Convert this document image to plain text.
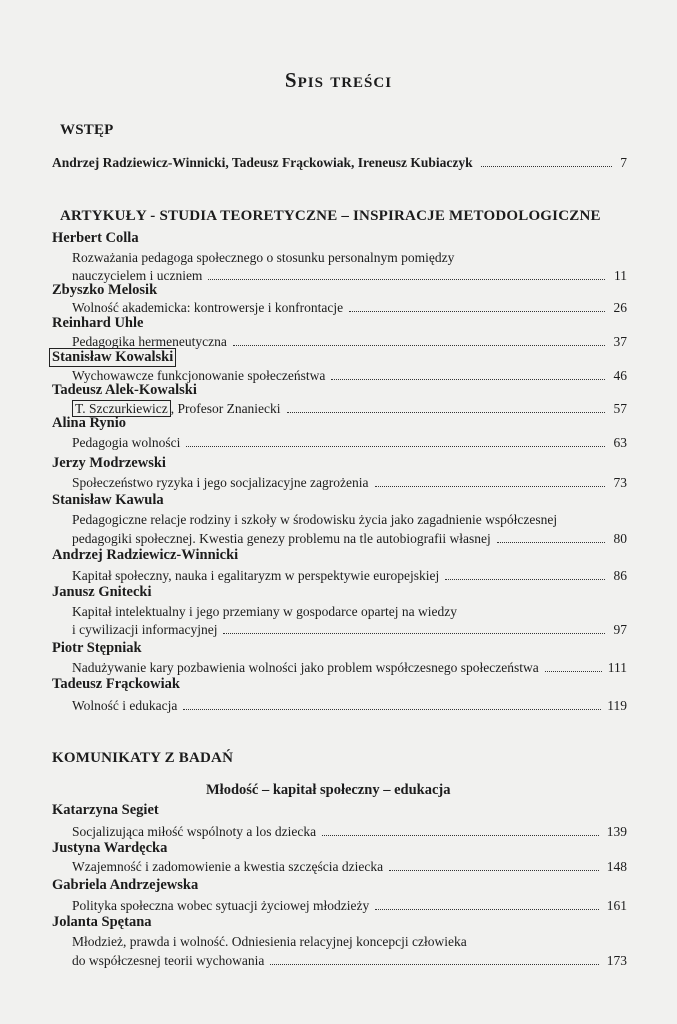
Spis treści
WSTĘP
Andrzej Radziewicz-Winnicki, Tadeusz Frąckowiak, Ireneusz Kubiaczyk	7
ARTYKUŁY - STUDIA TEORETYCZNE – INSPIRACJE METODOLOGICZNE
Herbert Colla
Rozważania pedagoga społecznego o stosunku personalnym pomiędzy
nauczycielem i uczniem	11
Zbyszko Melosik
Wolność akademicka: kontrowersje i konfrontacje	26
Reinhard Uhle
Pedagogika hermeneutyczna	37
Stanisław Kowalski
Wychowawcze funkcjonowanie społeczeństwa	46
Tadeusz Alek-Kowalski
T. Szczurkiewicz , Profesor Znaniecki	57
Alina Rynio
Pedagogia wolności	63
Jerzy Modrzewski
Społeczeństwo ryzyka i jego socjalizacyjne zagrożenia	73
Stanisław Kawula
Pedagogiczne relacje rodziny i szkoły w środowisku życia jako zagadnienie współczesnej
pedagogiki społecznej. Kwestia genezy problemu na tle autobiografii własnej	80
Andrzej Radziewicz-Winnicki
Kapitał społeczny, nauka i egalitaryzm w perspektywie europejskiej	86
Janusz Gnitecki
Kapitał intelektualny i jego przemiany w gospodarce opartej na wiedzy
i cywilizacji informacyjnej	97
Piotr Stępniak
Nadużywanie kary pozbawienia wolności jako problem współczesnego społeczeństwa	111
Tadeusz Frąckowiak
Wolność i edukacja	119
KOMUNIKATY Z BADAŃ
Młodość – kapitał społeczny – edukacja
Katarzyna Segiet
Socjalizująca miłość wspólnoty a los dziecka	139
Justyna Wardęcka
Wzajemność i zadomowienie a kwestia szczęścia dziecka	148
Gabriela Andrzejewska
Polityka społeczna wobec sytuacji życiowej młodzieży	161
Jolanta Spętana
Młodzież, prawda i wolność. Odniesienia relacyjnej koncepcji człowieka
do współczesnej teorii wychowania	173
